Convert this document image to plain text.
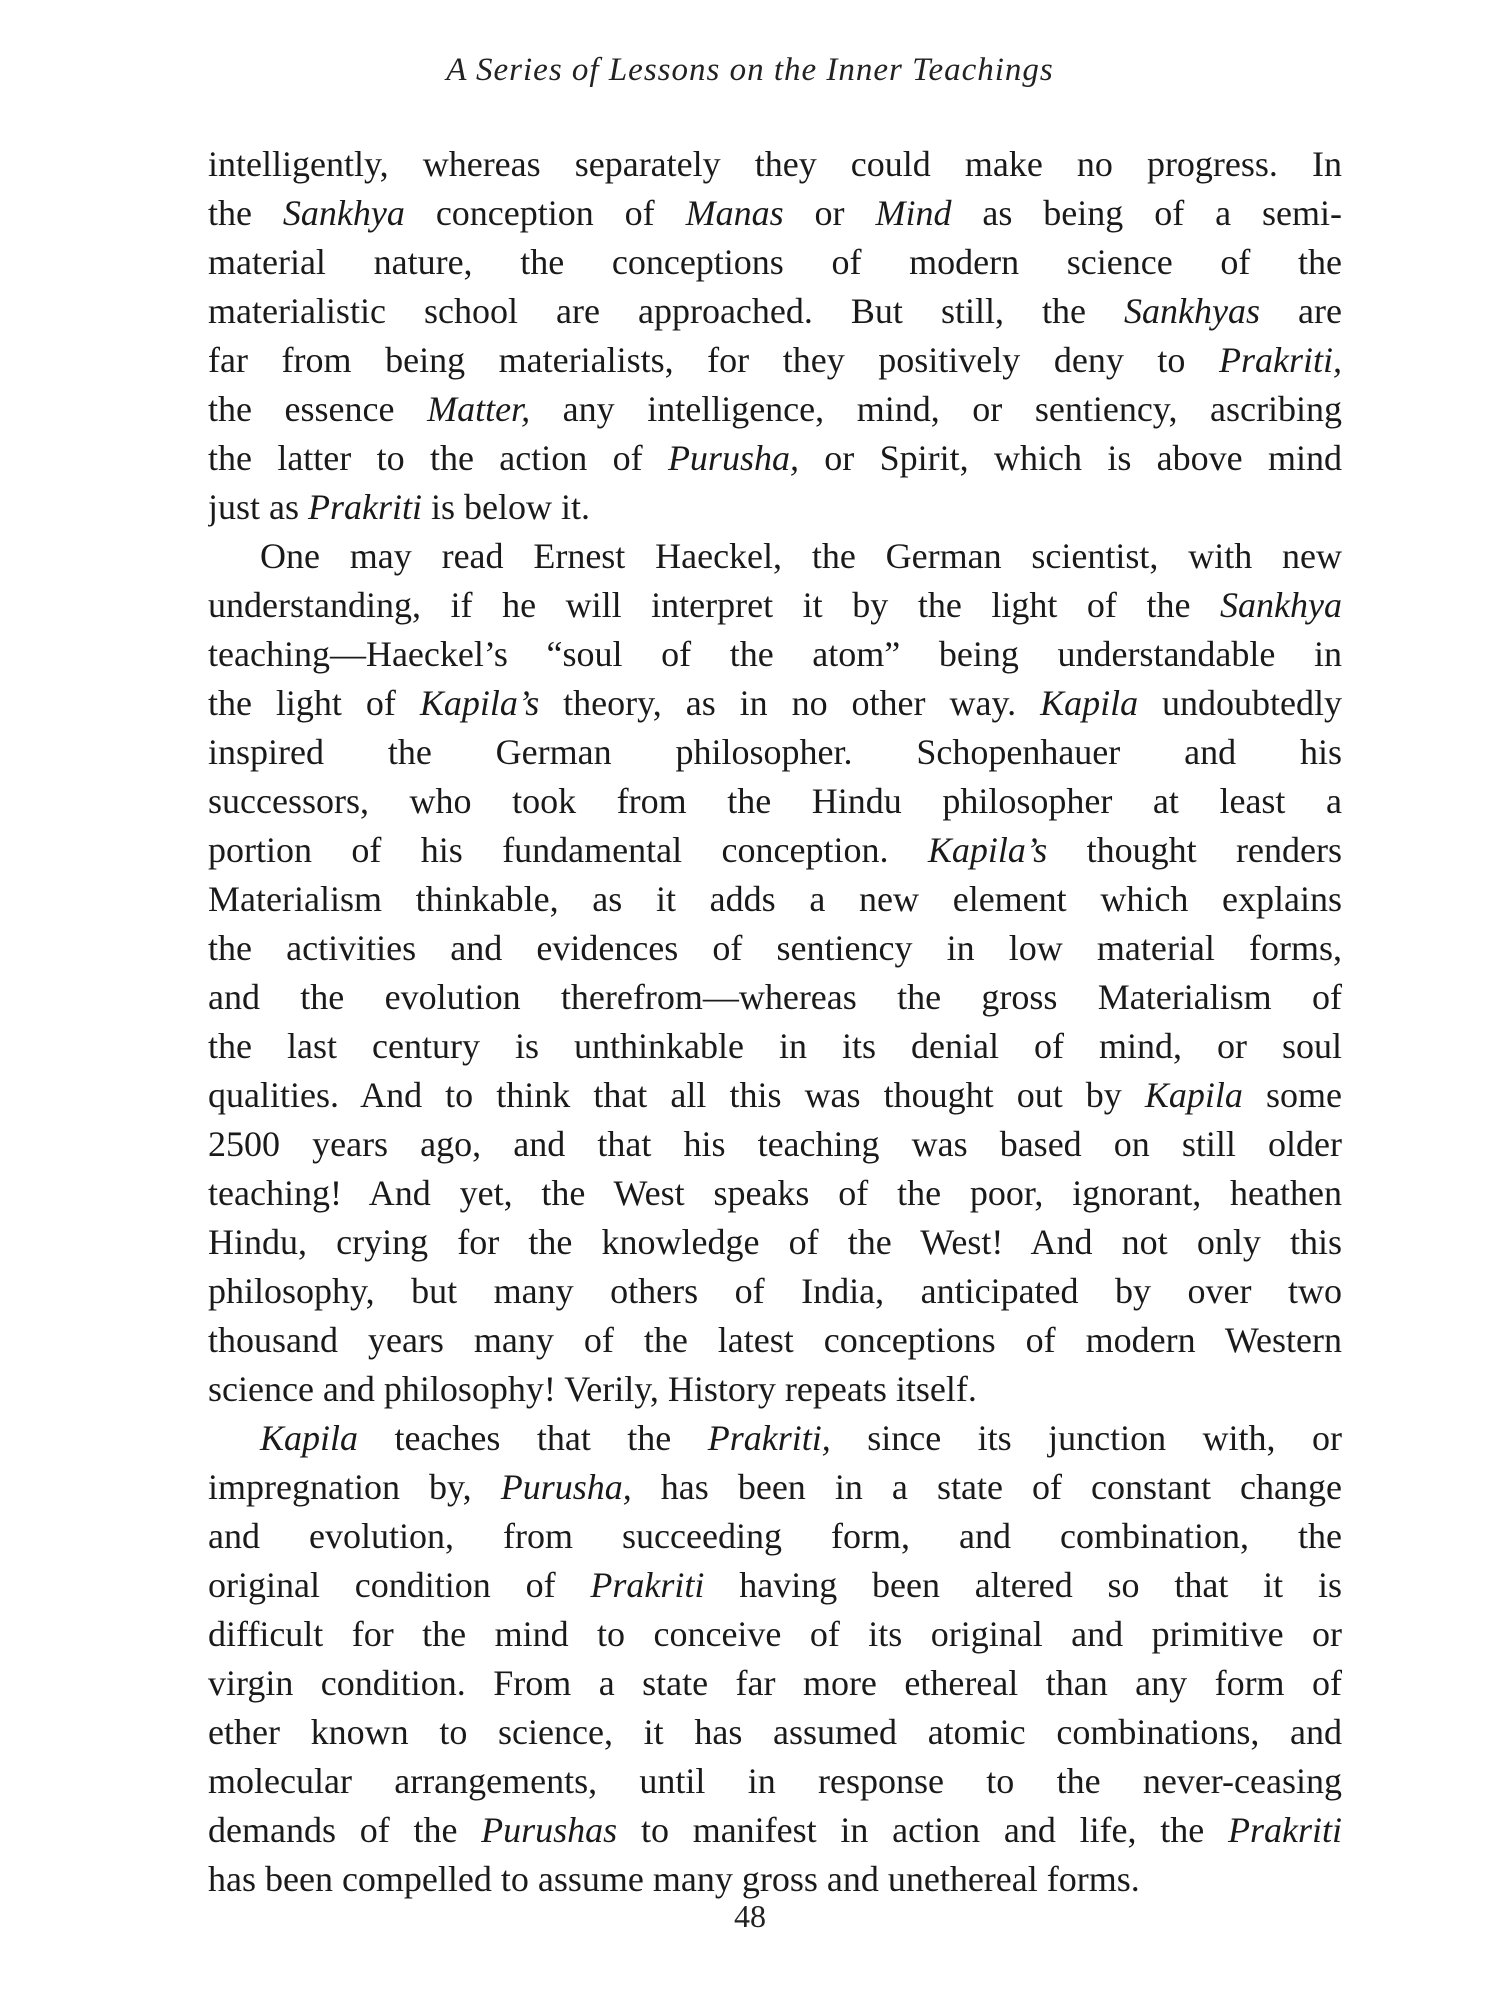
A Series of Lessons on the Inner Teachings
intelligently, whereas separately they could make no progress. In
the Sankhya conception of Manas or Mind as being of a semi-
material nature, the conceptions of modern science of the
materialistic school are approached. But still, the Sankhyas are
far from being materialists, for they positively deny to Prakriti,
the essence Matter, any intelligence, mind, or sentiency, ascribing
the latter to the action of Purusha, or Spirit, which is above mind
just as Prakriti is below it.
One may read Ernest Haeckel, the German scientist, with new
understanding, if he will interpret it by the light of the Sankhya
teaching—Haeckel’s “soul of the atom” being understandable in
the light of Kapila’s theory, as in no other way. Kapila undoubtedly
inspired the German philosopher. Schopenhauer and his
successors, who took from the Hindu philosopher at least a
portion of his fundamental conception. Kapila’s thought renders
Materialism thinkable, as it adds a new element which explains
the activities and evidences of sentiency in low material forms,
and the evolution therefrom—whereas the gross Materialism of
the last century is unthinkable in its denial of mind, or soul
qualities. And to think that all this was thought out by Kapila some
2500 years ago, and that his teaching was based on still older
teaching! And yet, the West speaks of the poor, ignorant, heathen
Hindu, crying for the knowledge of the West! And not only this
philosophy, but many others of India, anticipated by over two
thousand years many of the latest conceptions of modern Western
science and philosophy! Verily, History repeats itself.
Kapila teaches that the Prakriti, since its junction with, or
impregnation by, Purusha, has been in a state of constant change
and evolution, from succeeding form, and combination, the
original condition of Prakriti having been altered so that it is
difficult for the mind to conceive of its original and primitive or
virgin condition. From a state far more ethereal than any form of
ether known to science, it has assumed atomic combinations, and
molecular arrangements, until in response to the never-ceasing
demands of the Purushas to manifest in action and life, the Prakriti
has been compelled to assume many gross and unethereal forms.
48
